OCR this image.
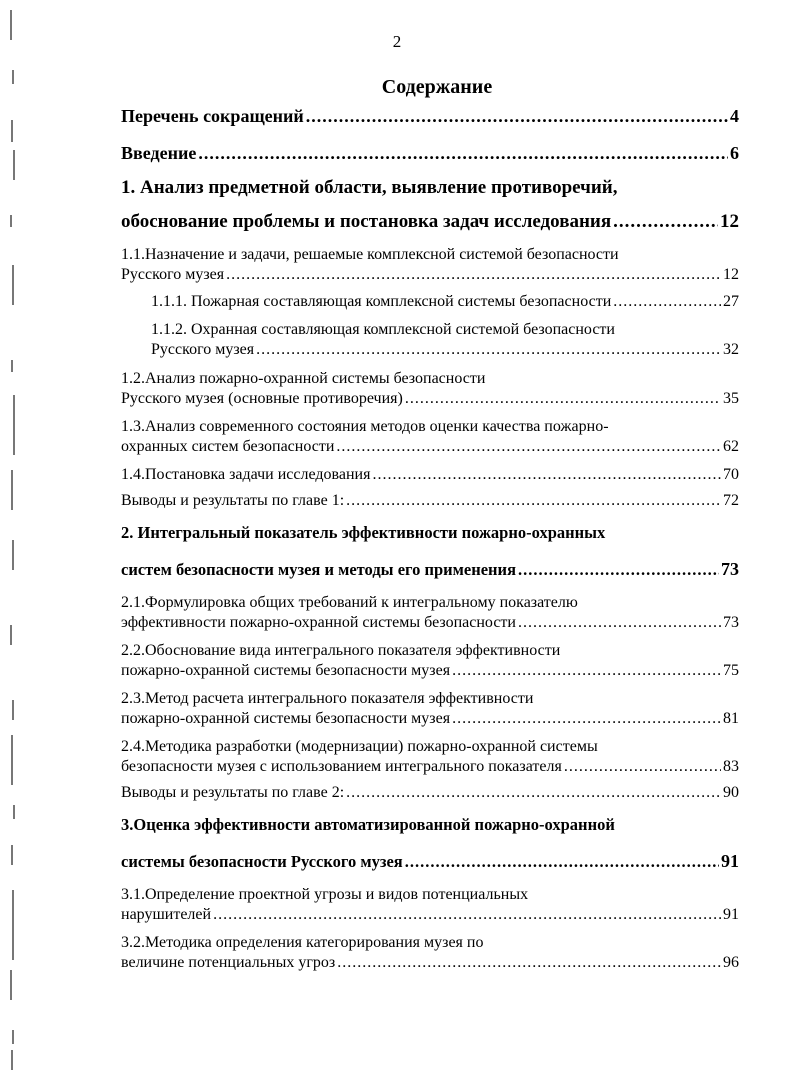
2
Содержание
Перечень сокращений .....	4
Введение .....	6
1. Анализ предметной области, выявление противоречий,
обоснование проблемы и постановка задач исследования .....	12
1.1.Назначение и задачи, решаемые комплексной системой безопасности
Русского музея .....	12
1.1.1. Пожарная составляющая комплексной системы безопасности .....	27
1.1.2. Охранная составляющая комплексной системой безопасности
Русского музея .....	32
1.2.Анализ пожарно-охранной системы безопасности
Русского музея (основные противоречия) .....	35
1.3.Анализ современного состояния методов оценки качества пожарно-
охранных систем безопасности .....	62
1.4.Постановка задачи исследования .....	70
Выводы и результаты по главе 1: .....	72
2. Интегральный показатель эффективности пожарно-охранных
систем безопасности музея и методы его применения .....	73
2.1.Формулировка общих требований к интегральному показателю
эффективности пожарно-охранной системы безопасности .....	73
2.2.Обоснование вида интегрального показателя эффективности
пожарно-охранной системы безопасности музея .....	75
2.3.Метод расчета интегрального показателя эффективности
пожарно-охранной системы безопасности музея .....	81
2.4.Методика разработки (модернизации) пожарно-охранной системы
безопасности музея с использованием интегрального показателя .....	83
Выводы и результаты по главе 2: .....	90
3.Оценка эффективности автоматизированной пожарно-охранной
системы безопасности Русского музея .....	91
3.1.Определение проектной угрозы и видов потенциальных
нарушителей .....	91
3.2.Методика определения категорирования музея по
величине потенциальных угроз .....	96
